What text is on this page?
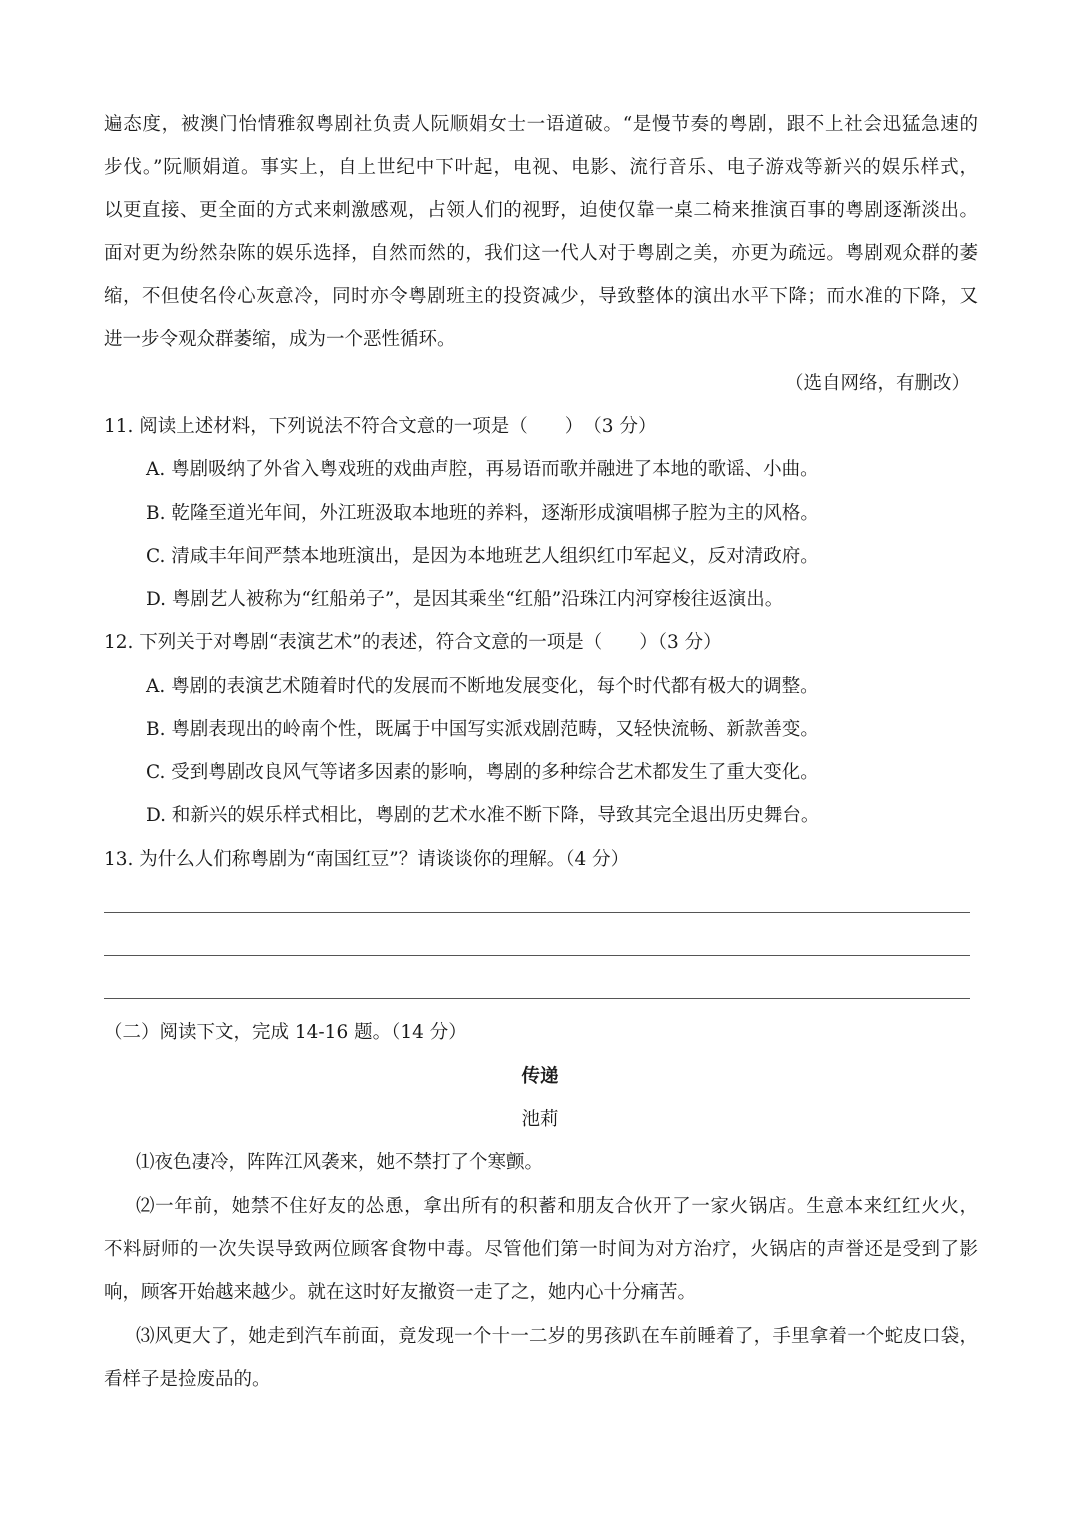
遍态度，被澳门怡情雅叙粤剧社负责人阮顺娟女士一语道破。“是慢节奏的粤剧，跟不上社会迅猛急速的
步伐。”阮顺娟道。事实上，自上世纪中下叶起，电视、电影、流行音乐、电子游戏等新兴的娱乐样式，
以更直接、更全面的方式来刺激感观，占领人们的视野，迫使仅靠一桌二椅来推演百事的粤剧逐渐淡出。
面对更为纷然杂陈的娱乐选择，自然而然的，我们这一代人对于粤剧之美，亦更为疏远。粤剧观众群的萎
缩，不但使名伶心灰意冷，同时亦令粤剧班主的投资减少，导致整体的演出水平下降；而水准的下降，又
进一步令观众群萎缩，成为一个恶性循环。
（选自网络，有删改）
11. 阅读上述材料，下列说法不符合文意的一项是（　　）　（3 分）
A. 粤剧吸纳了外省入粤戏班的戏曲声腔，再易语而歌并融进了本地的歌谣、小曲。
B. 乾隆至道光年间，外江班汲取本地班的养料，逐渐形成演唱梆子腔为主的风格。
C. 清咸丰年间严禁本地班演出，是因为本地班艺人组织红巾军起义，反对清政府。
D. 粤剧艺人被称为“红船弟子”，是因其乘坐“红船”沿珠江内河穿梭往返演出。
12. 下列关于对粤剧“表演艺术”的表述，符合文意的一项是（　　）（3 分）
A. 粤剧的表演艺术随着时代的发展而不断地发展变化，每个时代都有极大的调整。
B. 粤剧表现出的岭南个性，既属于中国写实派戏剧范畴，又轻快流畅、新款善变。
C. 受到粤剧改良风气等诸多因素的影响，粤剧的多种综合艺术都发生了重大变化。
D. 和新兴的娱乐样式相比，粤剧的艺术水准不断下降，导致其完全退出历史舞台。
13. 为什么人们称粤剧为“南国红豆”？请谈谈你的理解。（4 分）
（二）阅读下文，完成 14-16 题。（14 分）
传递
池莉
⑴夜色凄冷，阵阵江风袭来，她不禁打了个寒颤。
⑵一年前，她禁不住好友的怂恿，拿出所有的积蓄和朋友合伙开了一家火锅店。生意本来红红火火，
不料厨师的一次失误导致两位顾客食物中毒。尽管他们第一时间为对方治疗，火锅店的声誉还是受到了影
响，顾客开始越来越少。就在这时好友撤资一走了之，她内心十分痛苦。
⑶风更大了，她走到汽车前面，竟发现一个十一二岁的男孩趴在车前睡着了，手里拿着一个蛇皮口袋，
看样子是捡废品的。
